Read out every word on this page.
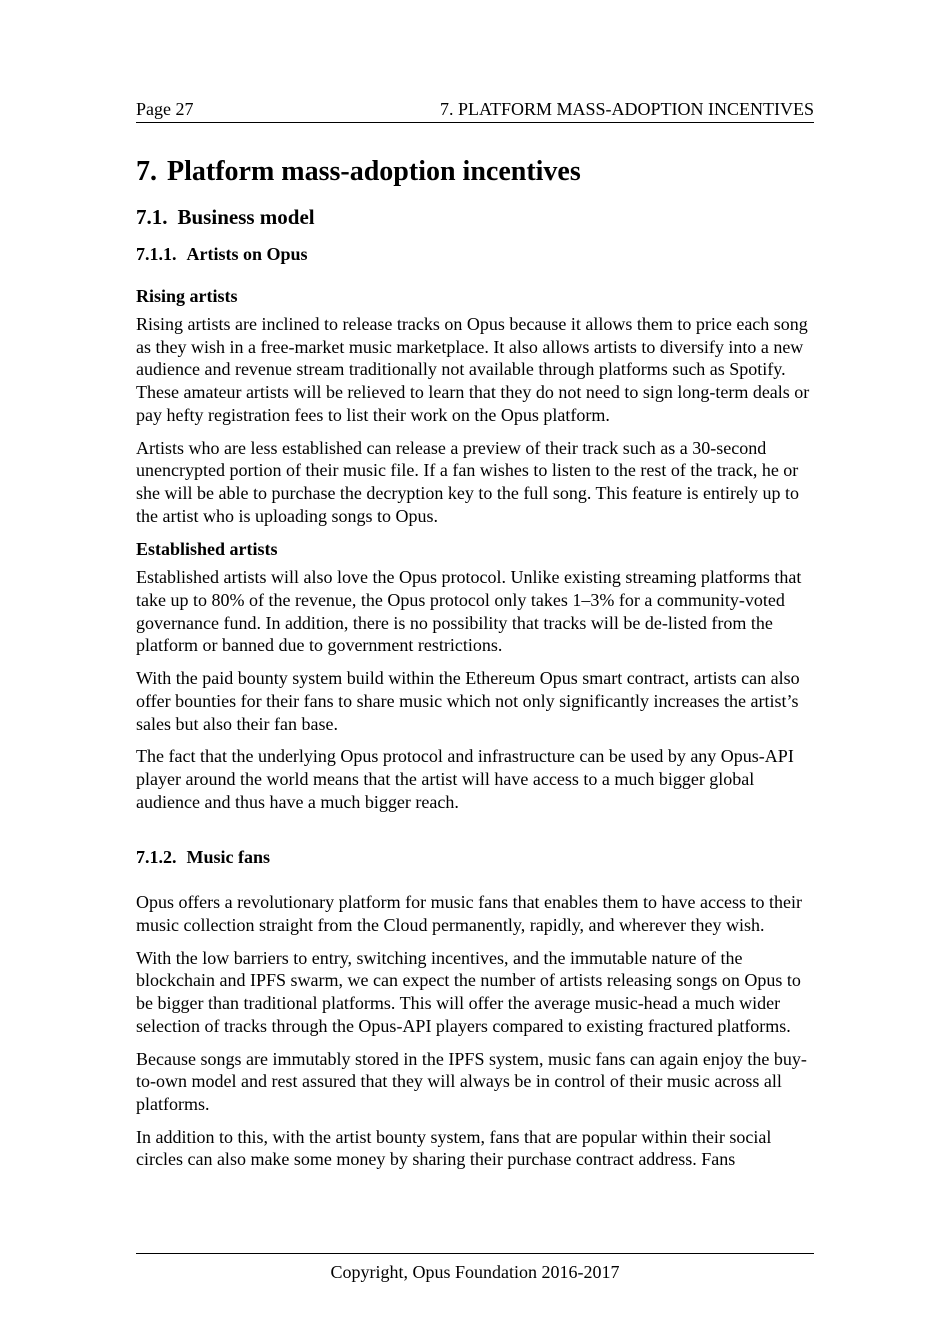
Page 27	7. PLATFORM MASS-ADOPTION INCENTIVES
7. Platform mass-adoption incentives
7.1. Business model
7.1.1. Artists on Opus
Rising artists

Rising artists are inclined to release tracks on Opus because it allows them to price each song as they wish in a free-market music marketplace. It also allows artists to diversify into a new audience and revenue stream traditionally not available through platforms such as Spotify. These amateur artists will be relieved to learn that they do not need to sign long-term deals or pay hefty registration fees to list their work on the Opus platform.

Artists who are less established can release a preview of their track such as a 30-second unencrypted portion of their music file. If a fan wishes to listen to the rest of the track, he or she will be able to purchase the decryption key to the full song. This feature is entirely up to the artist who is uploading songs to Opus.

Established artists

Established artists will also love the Opus protocol. Unlike existing streaming platforms that take up to 80% of the revenue, the Opus protocol only takes 1–3% for a community-voted governance fund. In addition, there is no possibility that tracks will be de-listed from the platform or banned due to government restrictions.

With the paid bounty system build within the Ethereum Opus smart contract, artists can also offer bounties for their fans to share music which not only significantly increases the artist’s sales but also their fan base.

The fact that the underlying Opus protocol and infrastructure can be used by any Opus-API player around the world means that the artist will have access to a much bigger global audience and thus have a much bigger reach.

7.1.2. Music fans

Opus offers a revolutionary platform for music fans that enables them to have access to their music collection straight from the Cloud permanently, rapidly, and wherever they wish.

With the low barriers to entry, switching incentives, and the immutable nature of the blockchain and IPFS swarm, we can expect the number of artists releasing songs on Opus to be bigger than traditional platforms. This will offer the average music-head a much wider selection of tracks through the Opus-API players compared to existing fractured platforms.

Because songs are immutably stored in the IPFS system, music fans can again enjoy the buy-to-own model and rest assured that they will always be in control of their music across all platforms.

In addition to this, with the artist bounty system, fans that are popular within their social circles can also make some money by sharing their purchase contract address. Fans

Copyright, Opus Foundation 2016-2017
